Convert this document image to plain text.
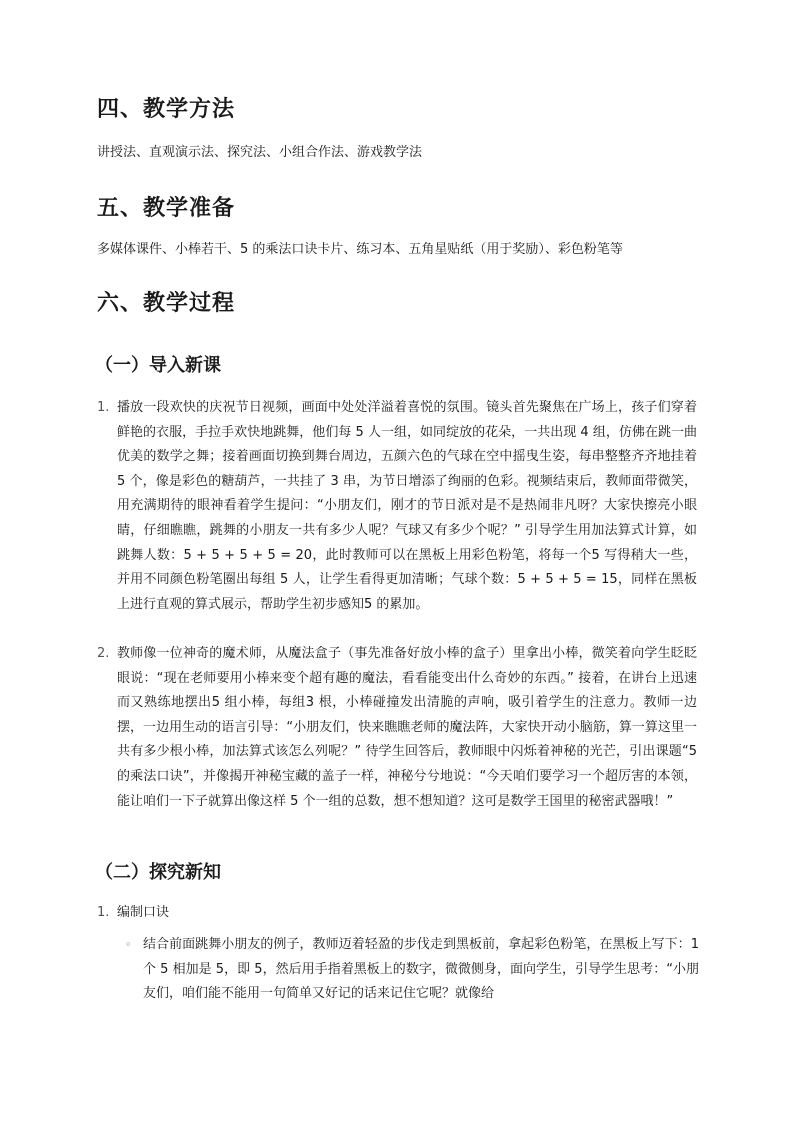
四、教学方法

讲授法、直观演示法、探究法、小组合作法、游戏教学法

五、教学准备

多媒体课件、小棒若干、5 的乘法口诀卡片、练习本、五角星贴纸（用于奖励）、彩色粉笔等

六、教学过程
（一）导入新课
1. 播放一段欢快的庆祝节日视频，画面中处处洋溢着喜悦的氛围。镜头首先聚焦在广场上，孩子们穿着鲜艳的衣服，手拉手欢快地跳舞，他们每 5 人一组，如同绽放的花朵，一共出现 4 组，仿佛在跳一曲优美的数学之舞；接着画面切换到舞台周边，五颜六色的气球在空中摇曳生姿，每串整整齐齐地挂着5 个，像是彩色的糖葫芦，一共挂了 3 串，为节日增添了绚丽的色彩。视频结束后，教师面带微笑，用充满期待的眼神看着学生提问：“小朋友们，刚才的节日派对是不是热闹非凡呀？大家快擦亮小眼睛，仔细瞧瞧，跳舞的小朋友一共有多少人呢？气球又有多少个呢？” 引导学生用加法算式计算，如跳舞人数：5 + 5 + 5 + 5 = 20，此时教师可以在黑板上用彩色粉笔，将每一个5 写得稍大一些，并用不同颜色粉笔圈出每组 5 人，让学生看得更加清晰；气球个数：5 + 5 + 5 = 15，同样在黑板上进行直观的算式展示，帮助学生初步感知5 的累加。

2. 教师像一位神奇的魔术师，从魔法盒子（事先准备好放小棒的盒子）里拿出小棒，微笑着向学生眨眨眼说：“现在老师要用小棒来变个超有趣的魔法，看看能变出什么奇妙的东西。” 接着，在讲台上迅速而又熟练地摆出5 组小棒，每组3 根，小棒碰撞发出清脆的声响，吸引着学生的注意力。教师一边摆，一边用生动的语言引导：“小朋友们，快来瞧瞧老师的魔法阵，大家快开动小脑筋，算一算这里一共有多少根小棒，加法算式该怎么列呢？” 待学生回答后，教师眼中闪烁着神秘的光芒，引出课题“5 的乘法口诀”，并像揭开神秘宝藏的盖子一样，神秘兮兮地说：“今天咱们要学习一个超厉害的本领，能让咱们一下子就算出像这样 5 个一组的总数，想不想知道？这可是数学王国里的秘密武器哦！”

（二）探究新知
1. 编制口诀

◦ 结合前面跳舞小朋友的例子，教师迈着轻盈的步伐走到黑板前，拿起彩色粉笔，在黑板上写下：1 个 5 相加是 5，即 5，然后用手指着黑板上的数字，微微侧身，面向学生，引导学生思考：“小朋友们，咱们能不能用一句简单又好记的话来记住它呢？就像给
